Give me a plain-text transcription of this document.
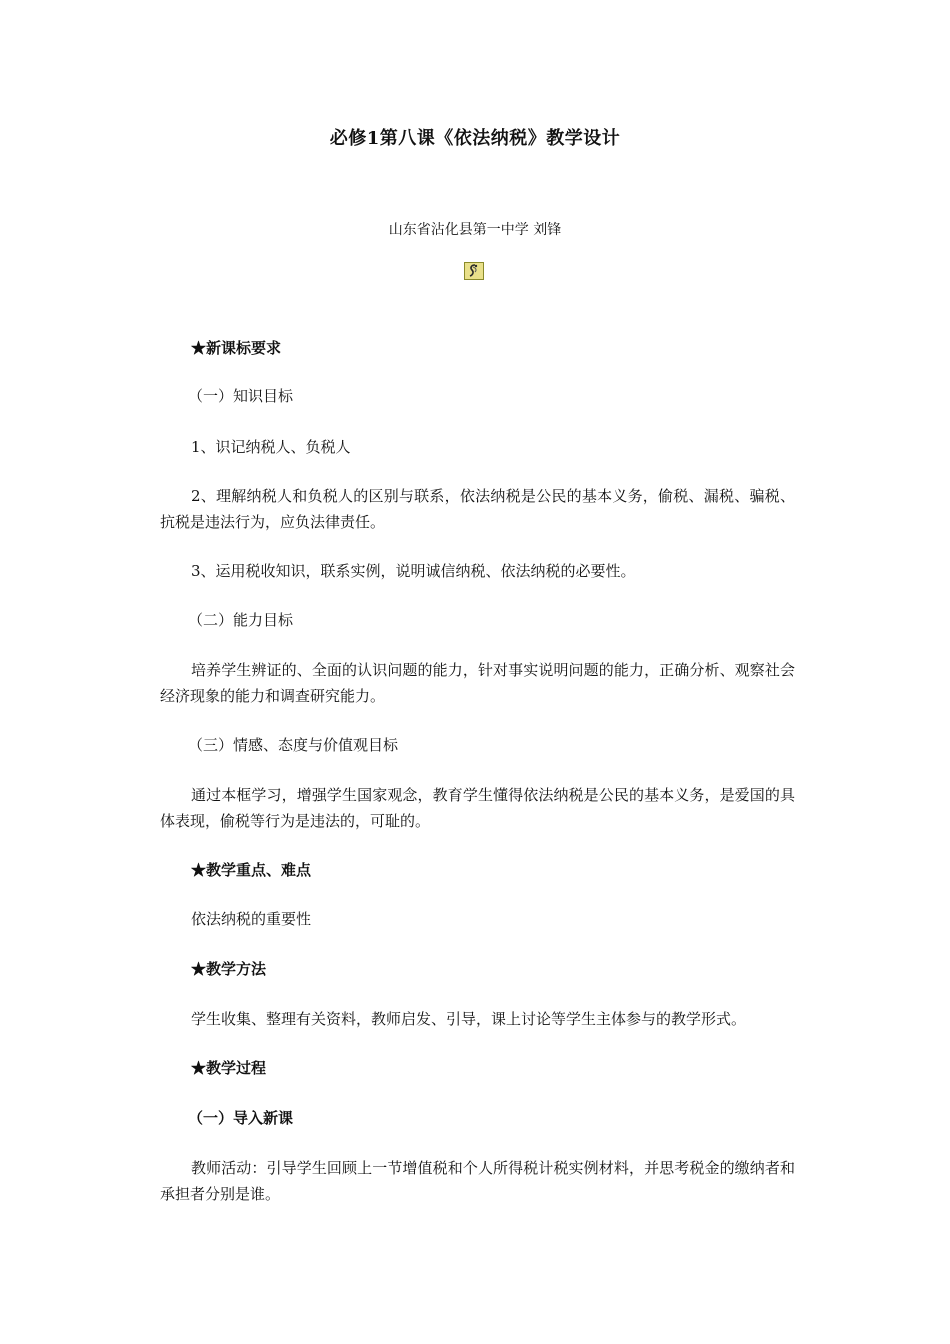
必修1第八课《依法纳税》教学设计
山东省沾化县第一中学 刘锋
★新课标要求
（一）知识目标
1、识记纳税人、负税人
2、理解纳税人和负税人的区别与联系，依法纳税是公民的基本义务，偷税、漏税、骗税、抗税是违法行为，应负法律责任。
3、运用税收知识，联系实例，说明诚信纳税、依法纳税的必要性。
（二）能力目标
培养学生辨证的、全面的认识问题的能力，针对事实说明问题的能力，正确分析、观察社会经济现象的能力和调查研究能力。
（三）情感、态度与价值观目标
通过本框学习，增强学生国家观念，教育学生懂得依法纳税是公民的基本义务，是爱国的具体表现，偷税等行为是违法的，可耻的。
★教学重点、难点
依法纳税的重要性
★教学方法
学生收集、整理有关资料，教师启发、引导，课上讨论等学生主体参与的教学形式。
★教学过程
（一）导入新课
教师活动：引导学生回顾上一节增值税和个人所得税计税实例材料，并思考税金的缴纳者和承担者分别是谁。
